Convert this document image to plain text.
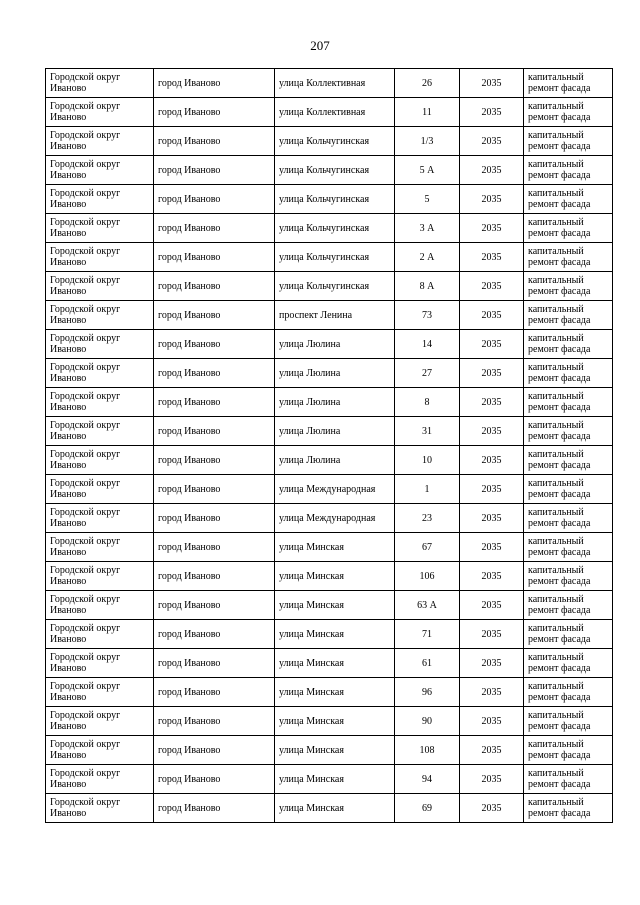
207
Городской округ
Иваново	город Иваново	улица Коллективная	26	2035	капитальный
ремонт фасада

Городской округ
Иваново	город Иваново	улица Коллективная	11	2035	капитальный
ремонт фасада

Городской округ
Иваново	город Иваново	улица Кольчугинская	1/3	2035	капитальный
ремонт фасада

Городской округ
Иваново	город Иваново	улица Кольчугинская	5 А	2035	капитальный
ремонт фасада

Городской округ
Иваново	город Иваново	улица Кольчугинская	5	2035	капитальный
ремонт фасада

Городской округ
Иваново	город Иваново	улица Кольчугинская	3 А	2035	капитальный
ремонт фасада

Городской округ
Иваново	город Иваново	улица Кольчугинская	2 А	2035	капитальный
ремонт фасада

Городской округ
Иваново	город Иваново	улица Кольчугинская	8 А	2035	капитальный
ремонт фасада

Городской округ
Иваново	город Иваново	проспект Ленина	73	2035	капитальный
ремонт фасада

Городской округ
Иваново	город Иваново	улица Люлина	14	2035	капитальный
ремонт фасада

Городской округ
Иваново	город Иваново	улица Люлина	27	2035	капитальный
ремонт фасада

Городской округ
Иваново	город Иваново	улица Люлина	8	2035	капитальный
ремонт фасада

Городской округ
Иваново	город Иваново	улица Люлина	31	2035	капитальный
ремонт фасада

Городской округ
Иваново	город Иваново	улица Люлина	10	2035	капитальный
ремонт фасада

Городской округ
Иваново	город Иваново	улица Международная	1	2035	капитальный
ремонт фасада

Городской округ
Иваново	город Иваново	улица Международная	23	2035	капитальный
ремонт фасада

Городской округ
Иваново	город Иваново	улица Минская	67	2035	капитальный
ремонт фасада

Городской округ
Иваново	город Иваново	улица Минская	106	2035	капитальный
ремонт фасада

Городской округ
Иваново	город Иваново	улица Минская	63 А	2035	капитальный
ремонт фасада

Городской округ
Иваново	город Иваново	улица Минская	71	2035	капитальный
ремонт фасада

Городской округ
Иваново	город Иваново	улица Минская	61	2035	капитальный
ремонт фасада

Городской округ
Иваново	город Иваново	улица Минская	96	2035	капитальный
ремонт фасада

Городской округ
Иваново	город Иваново	улица Минская	90	2035	капитальный
ремонт фасада

Городской округ
Иваново	город Иваново	улица Минская	108	2035	капитальный
ремонт фасада

Городской округ
Иваново	город Иваново	улица Минская	94	2035	капитальный
ремонт фасада

Городской округ
Иваново	город Иваново	улица Минская	69	2035	капитальный
ремонт фасада
